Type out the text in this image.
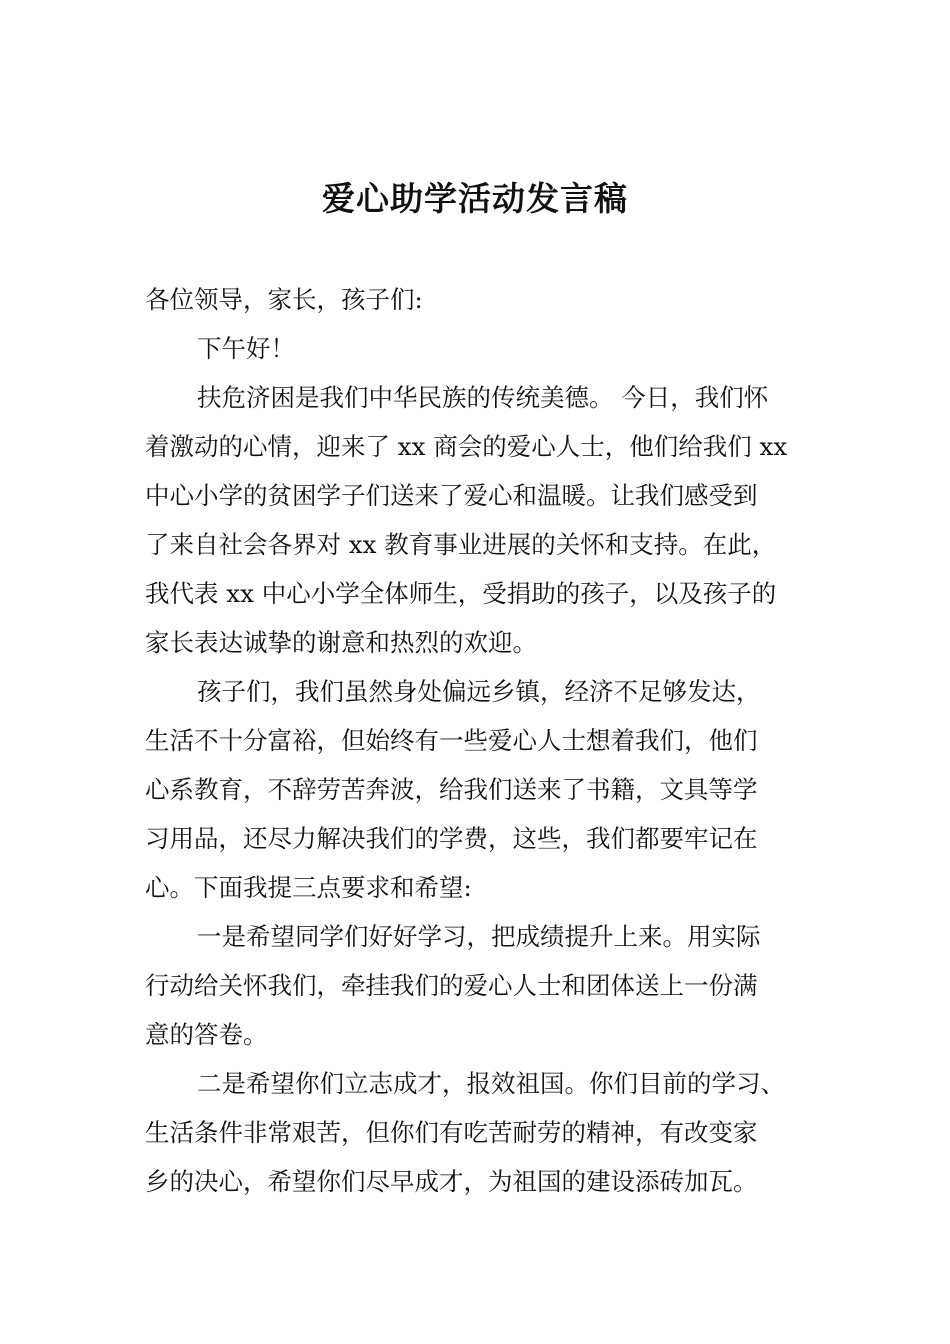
爱心助学活动发言稿
各位领导，家长，孩子们:
下午好！
扶危济困是我们中华民族的传统美德。 今日，我们怀
着激动的心情，迎来了 xx 商会的爱心人士，他们给我们 xx
中心小学的贫困学子们送来了爱心和温暖。让我们感受到
了来自社会各界对 xx 教育事业进展的关怀和支持。在此，
我代表 xx 中心小学全体师生，受捐助的孩子，以及孩子的
家长表达诚挚的谢意和热烈的欢迎。
孩子们，我们虽然身处偏远乡镇，经济不足够发达，
生活不十分富裕，但始终有一些爱心人士想着我们，他们
心系教育，不辞劳苦奔波，给我们送来了书籍，文具等学
习用品，还尽力解决我们的学费，这些，我们都要牢记在
心。下面我提三点要求和希望:
一是希望同学们好好学习，把成绩提升上来。用实际
行动给关怀我们，牵挂我们的爱心人士和团体送上一份满
意的答卷。
二是希望你们立志成才，报效祖国。你们目前的学习、
生活条件非常艰苦，但你们有吃苦耐劳的精神，有改变家
乡的决心，希望你们尽早成才，为祖国的建设添砖加瓦。
